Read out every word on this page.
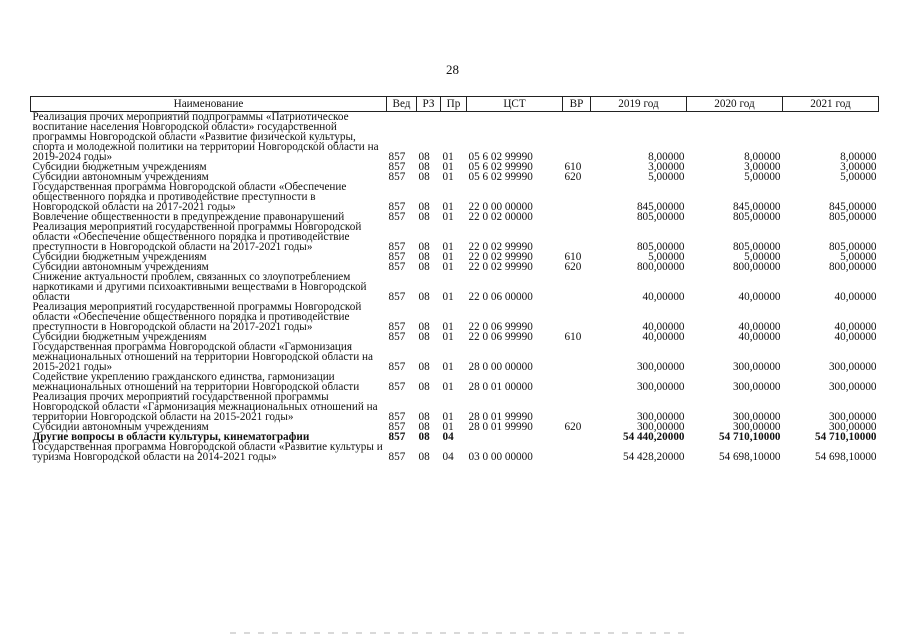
28
Наименование	Вед	РЗ	Пр	ЦСТ	ВР	2019 год	2020 год	2021 год
Реализация прочих мероприятий подпрограммы «Патриотическое воспитание населения Новгородской области» государственной программы Новгородской области «Развитие физической культуры, спорта и молодежной политики на территории Новгородской области на 2019-2024 годы»	857	08	01	05 6 02 99990		8,00000	8,00000	8,00000
Субсидии бюджетным учреждениям	857	08	01	05 6 02 99990	610	3,00000	3,00000	3,00000
Субсидии автономным учреждениям	857	08	01	05 6 02 99990	620	5,00000	5,00000	5,00000
Государственная программа Новгородской области «Обеспечение общественного порядка и противодействие преступности в Новгородской области на 2017-2021 годы»	857	08	01	22 0 00 00000		845,00000	845,00000	845,00000
Вовлечение общественности в предупреждение правонарушений	857	08	01	22 0 02 00000		805,00000	805,00000	805,00000
Реализация мероприятий государственной программы Новгородской области «Обеспечение общественного порядка и противодействие преступности в Новгородской области на 2017-2021 годы»	857	08	01	22 0 02 99990		805,00000	805,00000	805,00000
Субсидии бюджетным учреждениям	857	08	01	22 0 02 99990	610	5,00000	5,00000	5,00000
Субсидии автономным учреждениям	857	08	01	22 0 02 99990	620	800,00000	800,00000	800,00000
Снижение актуальности проблем, связанных со злоупотреблением наркотиками и другими психоактивными веществами в Новгородской области	857	08	01	22 0 06 00000		40,00000	40,00000	40,00000
Реализация мероприятий государственной программы Новгородской области «Обеспечение общественного порядка и противодействие преступности в Новгородской области на 2017-2021 годы»	857	08	01	22 0 06 99990		40,00000	40,00000	40,00000
Субсидии бюджетным учреждениям	857	08	01	22 0 06 99990	610	40,00000	40,00000	40,00000
Государственная программа Новгородской области «Гармонизация межнациональных отношений на территории Новгородской области на 2015-2021 годы»	857	08	01	28 0 00 00000		300,00000	300,00000	300,00000
Содействие укреплению гражданского единства, гармонизации межнациональных отношений на территории Новгородской области	857	08	01	28 0 01 00000		300,00000	300,00000	300,00000
Реализация прочих мероприятий государственной программы Новгородской области «Гармонизация межнациональных отношений на территории Новгородской области на 2015-2021 годы»	857	08	01	28 0 01 99990		300,00000	300,00000	300,00000
Субсидии автономным учреждениям	857	08	01	28 0 01 99990	620	300,00000	300,00000	300,00000
Другие вопросы в области культуры, кинематографии	857	08	04			54 440,20000	54 710,10000	54 710,10000
Государственная программа Новгородской области «Развитие культуры и туризма Новгородской области на 2014-2021 годы»	857	08	04	03 0 00 00000		54 428,20000	54 698,10000	54 698,10000
